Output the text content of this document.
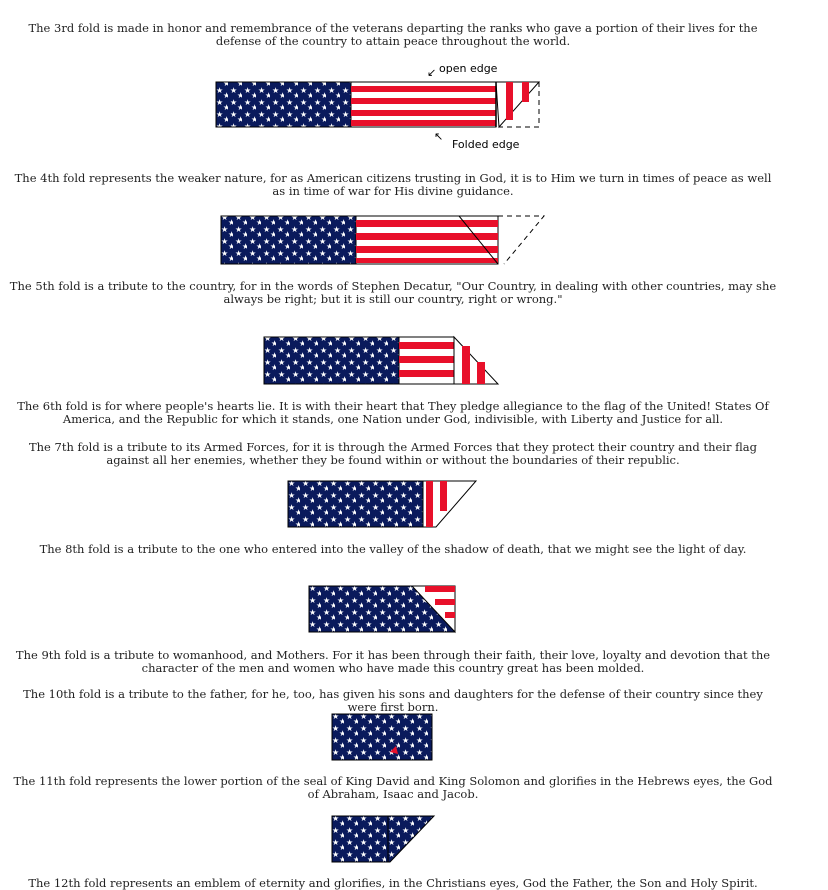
The 3rd fold is made in honor and remembrance of the veterans departing the ranks who gave a portion of their lives for the defense of the country to attain peace throughout the world.

open edge
↙
↖
Folded edge

The 4th fold represents the weaker nature, for as American citizens trusting in God, it is to Him we turn in times of peace as well as in time of war for His divine guidance.

The 5th fold is a tribute to the country, for in the words of Stephen Decatur, "Our Country, in dealing with other countries, may she always be right; but it is still our country, right or wrong."

The 6th fold is for where people's hearts lie. It is with their heart that They pledge allegiance to the flag of the United! States Of America, and the Republic for which it stands, one Nation under God, indivisible, with Liberty and Justice for all.

The 7th fold is a tribute to its Armed Forces, for it is through the Armed Forces that they protect their country and their flag against all her enemies, whether they be found within or without the boundaries of their republic.

The 8th fold is a tribute to the one who entered into the valley of the shadow of death, that we might see the light of day.

The 9th fold is a tribute to womanhood, and Mothers. For it has been through their faith, their love, loyalty and devotion that the character of the men and women who have made this country great has been molded.

The 10th fold is a tribute to the father, for he, too, has given his sons and daughters for the defense of their country since they were first born.

The 11th fold represents the lower portion of the seal of King David and King Solomon and glorifies in the Hebrews eyes, the God of Abraham, Isaac and Jacob.

The 12th fold represents an emblem of eternity and glorifies, in the Christians eyes, God the Father, the Son and Holy Spirit.
